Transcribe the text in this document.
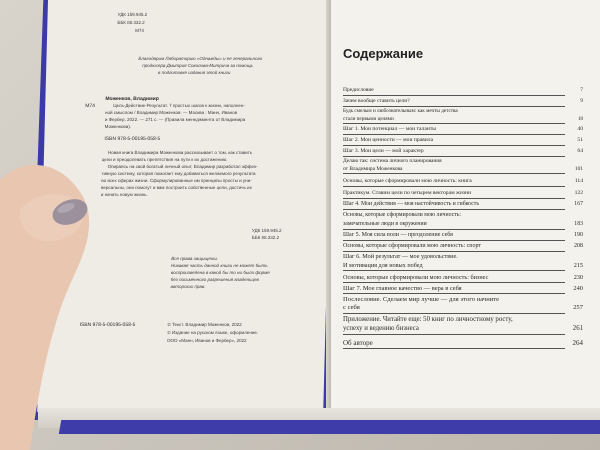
УДК 159.945.2
ББК 88.332.2
М74
Благодарим Лабораторию «Однажды» и ее генерального
продюсера Дмитрия Соколова-Митрича за помощь
в подготовке издания этой книги
Моженков, Владимир
М74	Цель-Действие-Результат. 7 простых шагов к жизни, наполнен-
ной смыслом / Владимир Моженков. — Москва : Манн, Иванов
и Фербер, 2022. — 271 с. — (Правила менеджмента от Владимира
Моженкова).
ISBN 978-5-00195-058-5
Новая книга Владимира Моженкова рассказывает о том, как ставить
цели и преодолевать препятствия на пути к их достижению.
Опираясь на свой богатый личный опыт, Владимир разработал эффек-
тивную систему, которая помогает ему добиваться желаемого результата
во всех сферах жизни. Сформулированные им принципы просты и уни-
версальны, они помогут и вам построить собственные цели, достичь их
и начать новую жизнь.
УДК 159.945.2
ББК 88.332.2
Все права защищены.
Никакая часть данной книги не может быть
воспроизведена в какой бы то ни было форме
без письменного разрешения владельцев
авторских прав.
ISBN 978-5-00195-058-5	© Текст. Владимир Моженков, 2022
© Издание на русском языке, оформление.
ООО «Манн, Иванов и Фербер», 2022
Содержание
Предисловие	7
Зачем вообще ставить цели?	9
Будь смелым и любознательным: как мечты детства
стали первыми целями	18
Шаг 1. Мои потенциал — мои таланты	40
Шаг 2. Мои ценности — мои правила	51
Шаг 3. Мои цели — мой характер	64
Делаю так: система личного планирования
от Владимира Моженкова	101
Основы, которые сформировали мою личность: книга	114
Практикум. Ставим цели по четырем векторам жизни	122
Шаг 4. Мои действия — моя настойчивость и гибкость	167
Основы, которые сформировали мою личность:
замечательные люди в окружении	183
Шаг 5. Моя сила воли — преодоление себя	190
Основы, которые сформировали мою личность: спорт	208
Шаг 6. Мой результат — мое удовольствие.
И мотивация для новых побед	215
Основы, которые сформировали мою личность: бизнес	230
Шаг 7. Мое главное качество — вера в себя	240
Послесловие. Сделаем мир лучше — для этого начните
с себя	257
Приложение. Читайте еще: 50 книг по личностному росту,
успеху и ведению бизнеса	261
Об авторе	264
